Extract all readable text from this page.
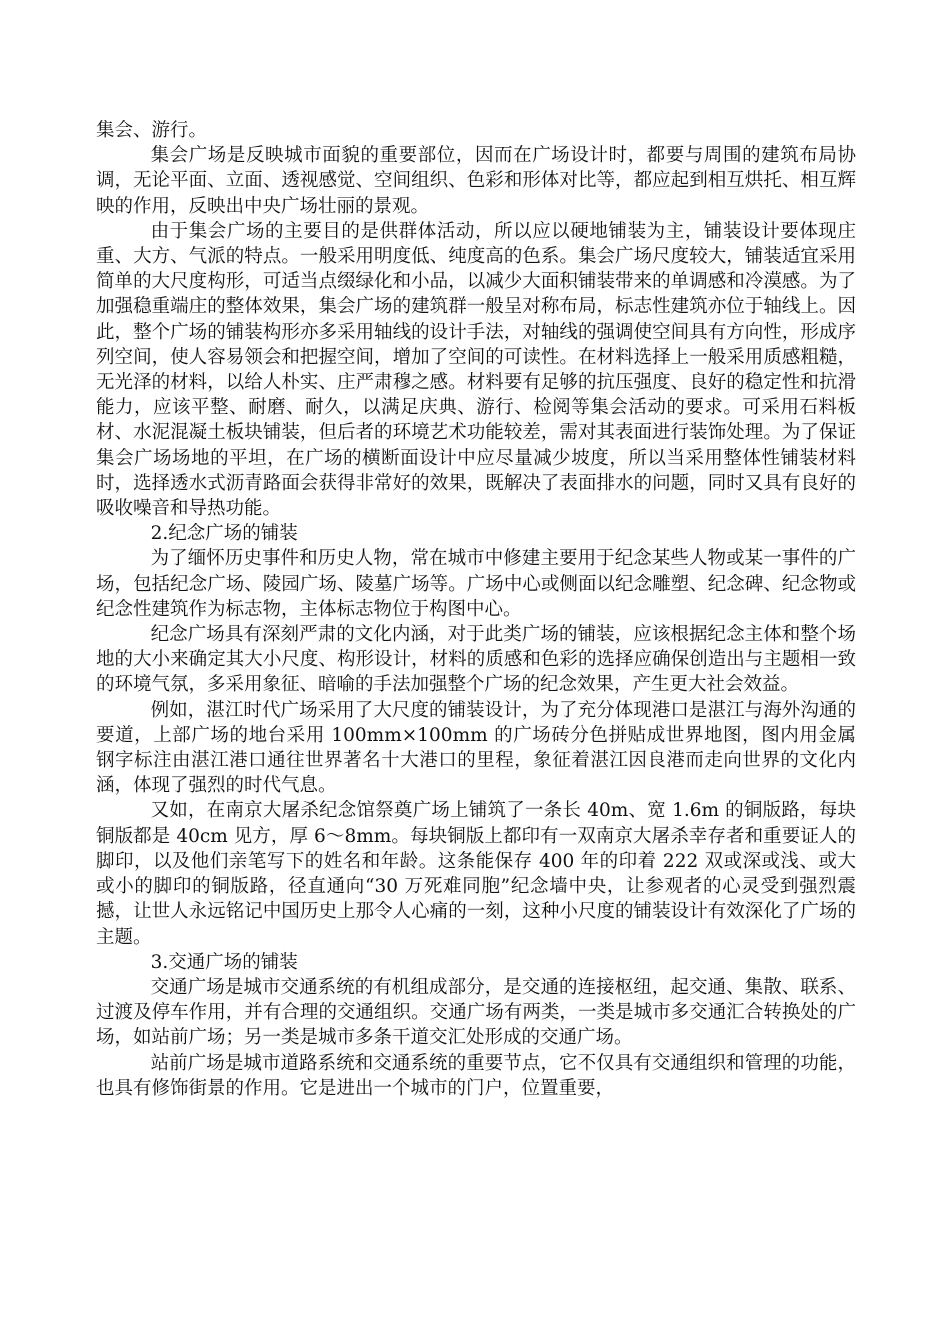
集会、游行。

集会广场是反映城市面貌的重要部位，因而在广场设计时，都要与周围的建筑布局协调，无论平面、立面、透视感觉、空间组织、色彩和形体对比等，都应起到相互烘托、相互辉映的作用，反映出中央广场壮丽的景观。

由于集会广场的主要目的是供群体活动，所以应以硬地铺装为主，铺装设计要体现庄重、大方、气派的特点。一般采用明度低、纯度高的色系。集会广场尺度较大，铺装适宜采用简单的大尺度构形，可适当点缀绿化和小品，以减少大面积铺装带来的单调感和冷漠感。为了加强稳重端庄的整体效果，集会广场的建筑群一般呈对称布局，标志性建筑亦位于轴线上。因此，整个广场的铺装构形亦多采用轴线的设计手法，对轴线的强调使空间具有方向性，形成序列空间，使人容易领会和把握空间，增加了空间的可读性。在材料选择上一般采用质感粗糙，无光泽的材料，以给人朴实、庄严肃穆之感。材料要有足够的抗压强度、良好的稳定性和抗滑能力，应该平整、耐磨、耐久，以满足庆典、游行、检阅等集会活动的要求。可采用石料板材、水泥混凝土板块铺装，但后者的环境艺术功能较差，需对其表面进行装饰处理。为了保证集会广场场地的平坦，在广场的横断面设计中应尽量减少坡度，所以当采用整体性铺装材料时，选择透水式沥青路面会获得非常好的效果，既解决了表面排水的问题，同时又具有良好的吸收噪音和导热功能。

2.纪念广场的铺装

为了缅怀历史事件和历史人物，常在城市中修建主要用于纪念某些人物或某一事件的广场，包括纪念广场、陵园广场、陵墓广场等。广场中心或侧面以纪念雕塑、纪念碑、纪念物或纪念性建筑作为标志物，主体标志物位于构图中心。

纪念广场具有深刻严肃的文化内涵，对于此类广场的铺装，应该根据纪念主体和整个场地的大小来确定其大小尺度、构形设计，材料的质感和色彩的选择应确保创造出与主题相一致的环境气氛，多采用象征、暗喻的手法加强整个广场的纪念效果，产生更大社会效益。

例如，湛江时代广场采用了大尺度的铺装设计，为了充分体现港口是湛江与海外沟通的要道，上部广场的地台采用 100mm×100mm 的广场砖分色拼贴成世界地图，图内用金属钢字标注由湛江港口通往世界著名十大港口的里程，象征着湛江因良港而走向世界的文化内涵，体现了强烈的时代气息。

又如，在南京大屠杀纪念馆祭奠广场上铺筑了一条长 40m、宽 1.6m 的铜版路，每块铜版都是 40cm 见方，厚 6～8mm。每块铜版上都印有一双南京大屠杀幸存者和重要证人的脚印，以及他们亲笔写下的姓名和年龄。这条能保存 400 年的印着 222 双或深或浅、或大或小的脚印的铜版路，径直通向“30 万死难同胞”纪念墙中央，让参观者的心灵受到强烈震撼，让世人永远铭记中国历史上那令人心痛的一刻，这种小尺度的铺装设计有效深化了广场的主题。

3.交通广场的铺装

交通广场是城市交通系统的有机组成部分，是交通的连接枢纽，起交通、集散、联系、过渡及停车作用，并有合理的交通组织。交通广场有两类，一类是城市多交通汇合转换处的广场，如站前广场；另一类是城市多条干道交汇处形成的交通广场。

站前广场是城市道路系统和交通系统的重要节点，它不仅具有交通组织和管理的功能，也具有修饰街景的作用。它是进出一个城市的门户，位置重要，
